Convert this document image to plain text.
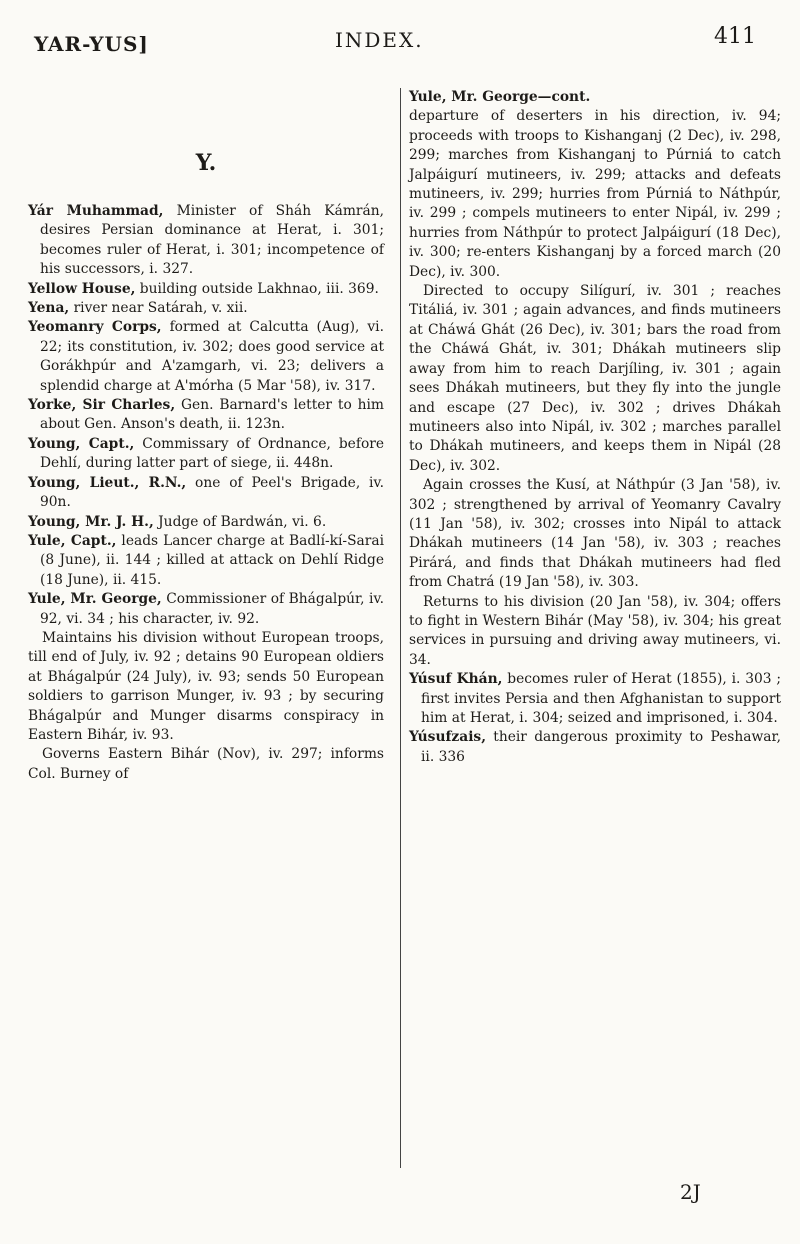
YAR-YUS]	INDEX.	411
Y.

Yár Muhammad, Minister of Sháh Kámrán, desires Persian dominance at Herat, i. 301; becomes ruler of Herat, i. 301; incompetence of his successors, i. 327.

Yellow House, building outside Lakhnao, iii. 369.

Yena, river near Satárah, v. xii.

Yeomanry Corps, formed at Calcutta (Aug), vi. 22; its constitution, iv. 302; does good service at Gorákhpúr and A'zamgarh, vi. 23; delivers a splendid charge at A'mórha (5 Mar '58), iv. 317.

Yorke, Sir Charles, Gen. Barnard's letter to him about Gen. Anson's death, ii. 123n.

Young, Capt., Commissary of Ordnance, before Dehlí, during latter part of siege, ii. 448n.

Young, Lieut., R.N., one of Peel's Brigade, iv. 90n.

Young, Mr. J. H., Judge of Bardwán, vi. 6.

Yule, Capt., leads Lancer charge at Badlí-kí-Sarai (8 June), ii. 144 ; killed at attack on Dehlí Ridge (18 June), ii. 415.

Yule, Mr. George, Commissioner of Bhágalpúr, iv. 92, vi. 34 ; his character, iv. 92.

Maintains his division without European troops, till end of July, iv. 92 ; detains 90 European oldiers at Bhágalpúr (24 July), iv. 93; sends 50 European soldiers to garrison Munger, iv. 93 ; by securing Bhágalpúr and Munger disarms conspiracy in Eastern Bihár, iv. 93.

Governs Eastern Bihár (Nov), iv. 297; informs Col. Burney of

Yule, Mr. George—cont.

departure of deserters in his direction, iv. 94; proceeds with troops to Kishanganj (2 Dec), iv. 298, 299; marches from Kishanganj to Púrniá to catch Jalpáigurí mutineers, iv. 299; attacks and defeats mutineers, iv. 299; hurries from Púrniá to Náthpúr, iv. 299 ; compels mutineers to enter Nipál, iv. 299 ; hurries from Náthpúr to protect Jalpáigurí (18 Dec), iv. 300; re-enters Kishanganj by a forced march (20 Dec), iv. 300.

Directed to occupy Silígurí, iv. 301 ; reaches Titáliá, iv. 301 ; again advances, and finds mutineers at Cháwá Ghát (26 Dec), iv. 301; bars the road from the Cháwá Ghát, iv. 301; Dhákah mutineers slip away from him to reach Darjíling, iv. 301 ; again sees Dhákah mutineers, but they fly into the jungle and escape (27 Dec), iv. 302 ; drives Dhákah mutineers also into Nipál, iv. 302 ; marches parallel to Dhákah mutineers, and keeps them in Nipál (28 Dec), iv. 302.

Again crosses the Kusí, at Náthpúr (3 Jan '58), iv. 302 ; strengthened by arrival of Yeomanry Cavalry (11 Jan '58), iv. 302; crosses into Nipál to attack Dhákah mutineers (14 Jan '58), iv. 303 ; reaches Pirárá, and finds that Dhákah mutineers had fled from Chatrá (19 Jan '58), iv. 303.

Returns to his division (20 Jan '58), iv. 304; offers to fight in Western Bihár (May '58), iv. 304; his great services in pursuing and driving away mutineers, vi. 34.

Yúsuf Khán, becomes ruler of Herat (1855), i. 303 ; first invites Persia and then Afghanistan to support him at Herat, i. 304; seized and imprisoned, i. 304.

Yúsufzais, their dangerous proximity to Peshawar, ii. 336

2J
